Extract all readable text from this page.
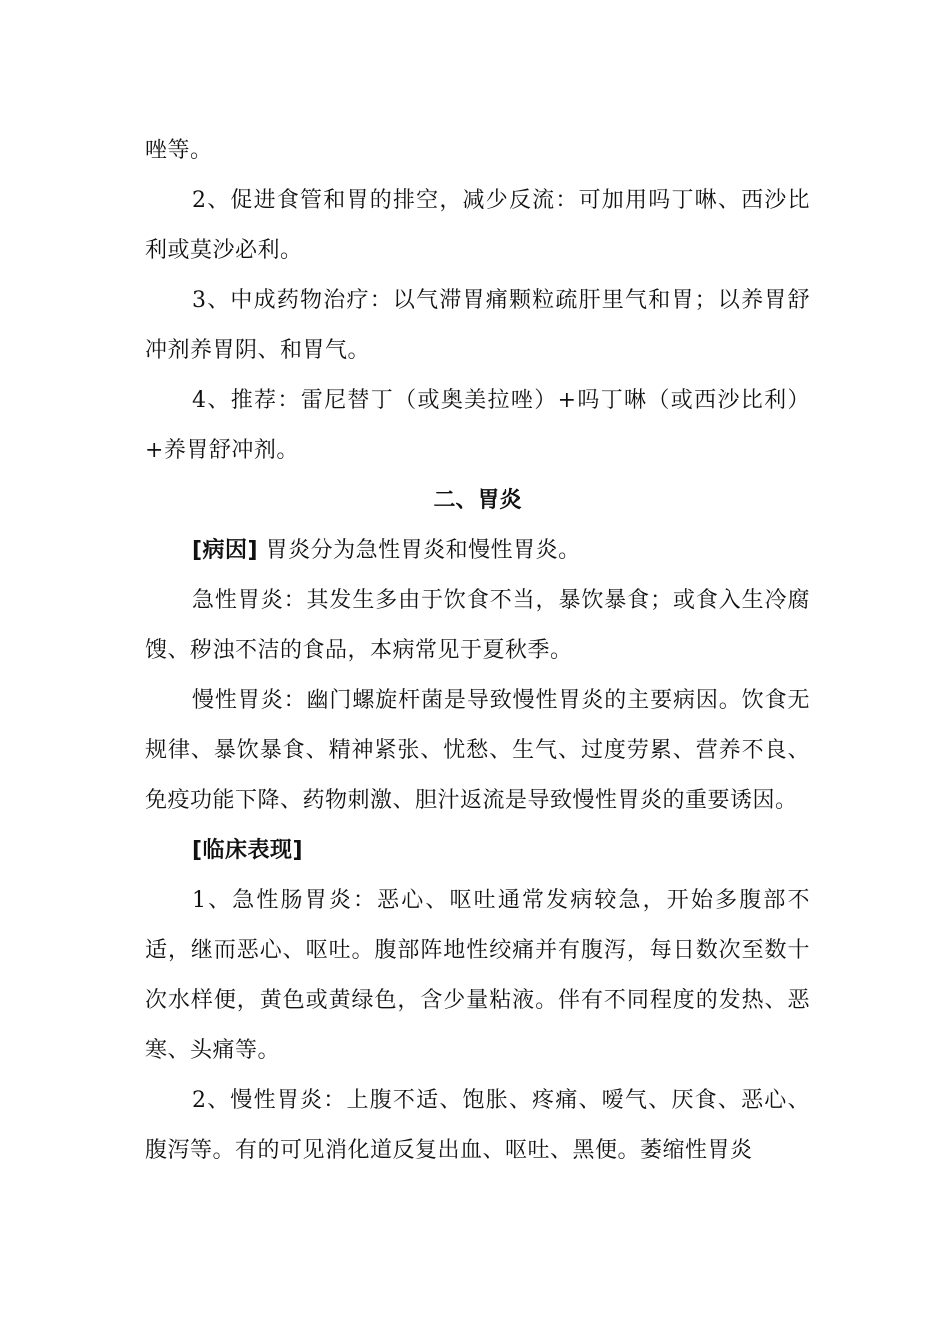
唑等。

2、促进食管和胃的排空，减少反流：可加用吗丁啉、西沙比利或莫沙必利。

3、中成药物治疗：以气滞胃痛颗粒疏肝里气和胃；以养胃舒冲剂养胃阴、和胃气。

4、推荐：雷尼替丁（或奥美拉唑）+吗丁啉（或西沙比利）+养胃舒冲剂。

二、胃炎

[病因] 胃炎分为急性胃炎和慢性胃炎。

急性胃炎：其发生多由于饮食不当，暴饮暴食；或食入生冷腐馊、秽浊不洁的食品，本病常见于夏秋季。

慢性胃炎：幽门螺旋杆菌是导致慢性胃炎的主要病因。饮食无规律、暴饮暴食、精神紧张、忧愁、生气、过度劳累、营养不良、免疫功能下降、药物刺激、胆汁返流是导致慢性胃炎的重要诱因。

[临床表现]

1、急性肠胃炎：恶心、呕吐通常发病较急，开始多腹部不适，继而恶心、呕吐。腹部阵地性绞痛并有腹泻，每日数次至数十次水样便，黄色或黄绿色，含少量粘液。伴有不同程度的发热、恶寒、头痛等。

2、慢性胃炎：上腹不适、饱胀、疼痛、嗳气、厌食、恶心、腹泻等。有的可见消化道反复出血、呕吐、黑便。萎缩性胃炎
